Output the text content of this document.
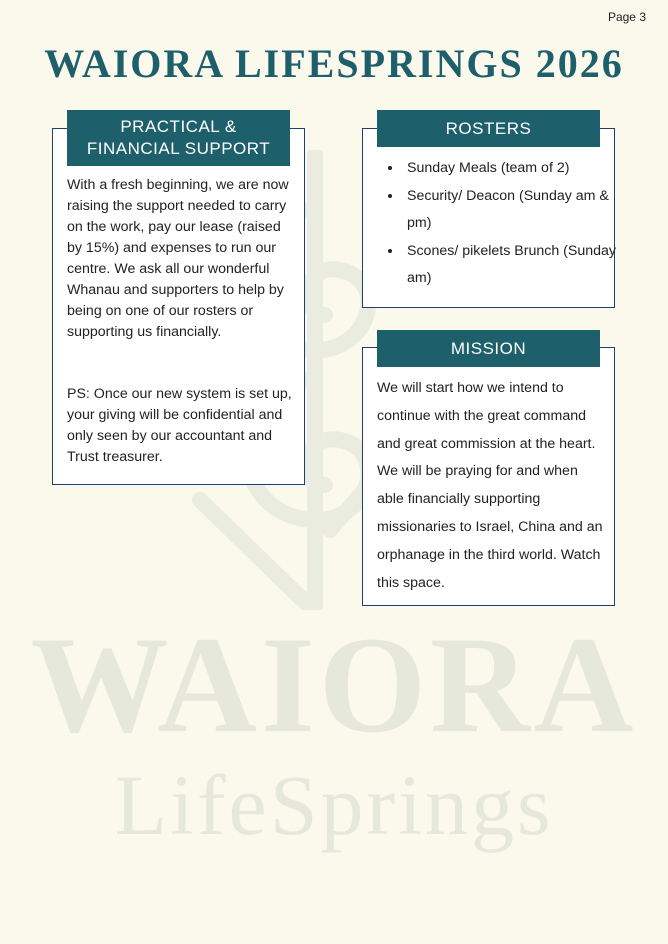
Page 3
WAIORA LIFESPRINGS 2026
WAIORA
LifeSprings
PRACTICAL &
FINANCIAL SUPPORT

With a fresh beginning, we are now raising the support needed to carry on the work, pay our lease (raised by 15%) and expenses to run our centre. We ask all our wonderful Whanau and supporters to help by being on one of our rosters or supporting us financially.

PS: Once our new system is set up, your giving will be confidential and only seen by our accountant and Trust treasurer.

ROSTERS
• Sunday Meals (team of 2)
• Security/ Deacon (Sunday am & pm)
• Scones/ pikelets Brunch (Sunday am)
MISSION

We will start how we intend to continue with the great command and great commission at the heart. We will be praying for and when able financially supporting missionaries to Israel, China and an orphanage in the third world. Watch this space.
